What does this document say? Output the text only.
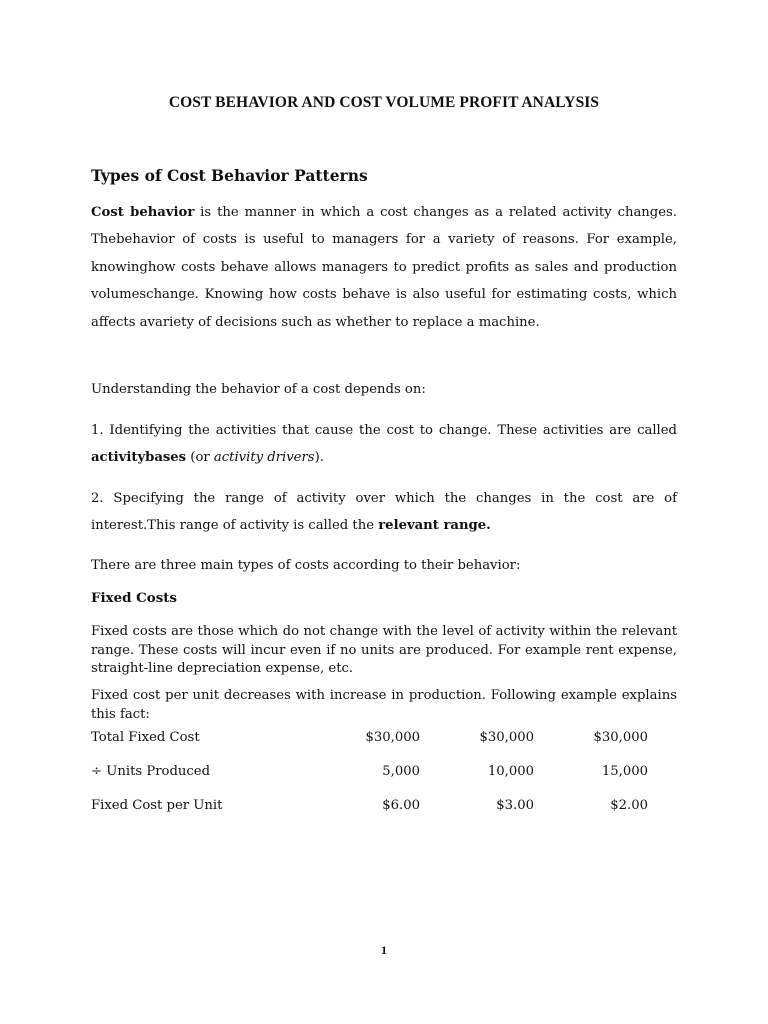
COST BEHAVIOR AND COST VOLUME PROFIT ANALYSIS
Types of Cost Behavior Patterns

Cost behavior is the manner in which a cost changes as a related activity changes. Thebehavior of costs is useful to managers for a variety of reasons. For example, knowinghow costs behave allows managers to predict profits as sales and production volumeschange. Knowing how costs behave is also useful for estimating costs, which affects avariety of decisions such as whether to replace a machine.

Understanding the behavior of a cost depends on:

1. Identifying the activities that cause the cost to change. These activities are called activitybases (or activity drivers).

2. Specifying the range of activity over which the changes in the cost are of interest.This range of activity is called the relevant range.

There are three main types of costs according to their behavior:

Fixed Costs

Fixed costs are those which do not change with the level of activity within the relevant range. These costs will incur even if no units are produced. For example rent expense, straight-line depreciation expense, etc.

Fixed cost per unit decreases with increase in production. Following example explains this fact:

Total Fixed Cost	$30,000	$30,000	$30,000
÷ Units Produced	5,000	10,000	15,000
Fixed Cost per Unit	$6.00	$3.00	$2.00
1
